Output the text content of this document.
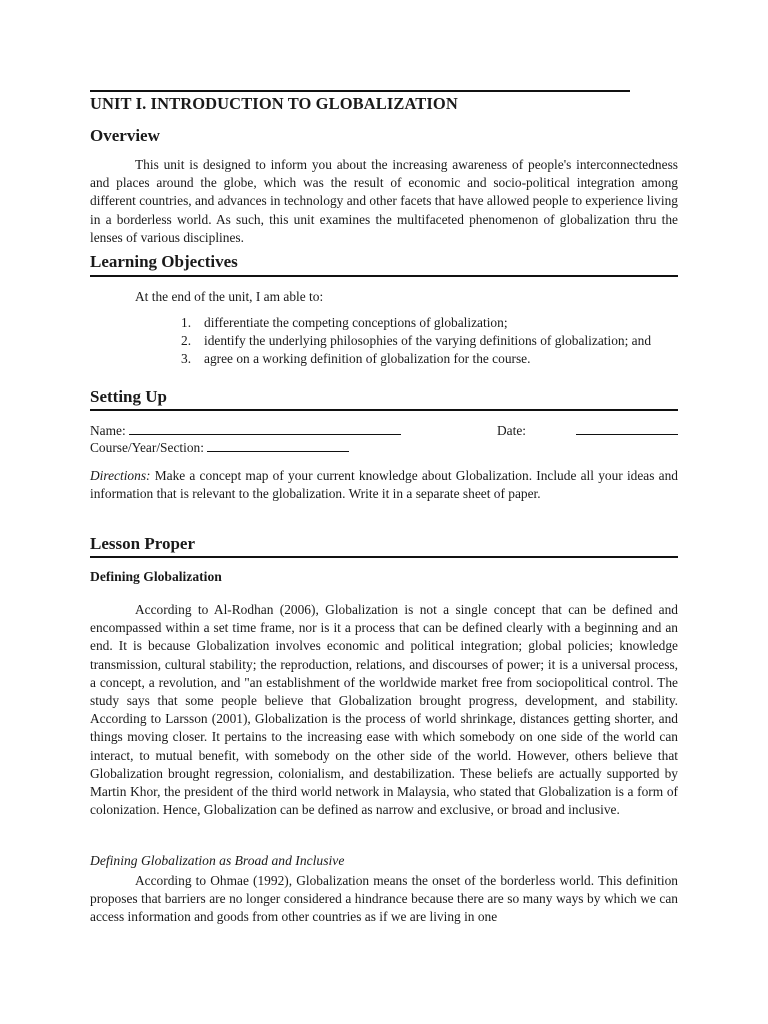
UNIT I. INTRODUCTION TO GLOBALIZATION
Overview

This unit is designed to inform you about the increasing awareness of people's interconnectedness and places around the globe, which was the result of economic and socio-political integration among different countries, and advances in technology and other facets that have allowed people to experience living in a borderless world. As such, this unit examines the multifaceted phenomenon of globalization thru the lenses of various disciplines.

Learning Objectives
At the end of the unit, I am able to:
1. differentiate the competing conceptions of globalization;
2. identify the underlying philosophies of the varying definitions of globalization; and
3. agree on a working definition of globalization for the course.
Setting Up
Name:	Date:
Course/Year/Section:

Directions: Make a concept map of your current knowledge about Globalization. Include all your ideas and information that is relevant to the globalization. Write it in a separate sheet of paper.

Lesson Proper
Defining Globalization

According to Al-Rodhan (2006), Globalization is not a single concept that can be defined and encompassed within a set time frame, nor is it a process that can be defined clearly with a beginning and an end. It is because Globalization involves economic and political integration; global policies; knowledge transmission, cultural stability; the reproduction, relations, and discourses of power; it is a universal process, a concept, a revolution, and "an establishment of the worldwide market free from sociopolitical control. The study says that some people believe that Globalization brought progress, development, and stability. According to Larsson (2001), Globalization is the process of world shrinkage, distances getting shorter, and things moving closer. It pertains to the increasing ease with which somebody on one side of the world can interact, to mutual benefit, with somebody on the other side of the world. However, others believe that Globalization brought regression, colonialism, and destabilization. These beliefs are actually supported by Martin Khor, the president of the third world network in Malaysia, who stated that Globalization is a form of colonization. Hence, Globalization can be defined as narrow and exclusive, or broad and inclusive.

Defining Globalization as Broad and Inclusive

According to Ohmae (1992), Globalization means the onset of the borderless world. This definition proposes that barriers are no longer considered a hindrance because there are so many ways by which we can access information and goods from other countries as if we are living in one
